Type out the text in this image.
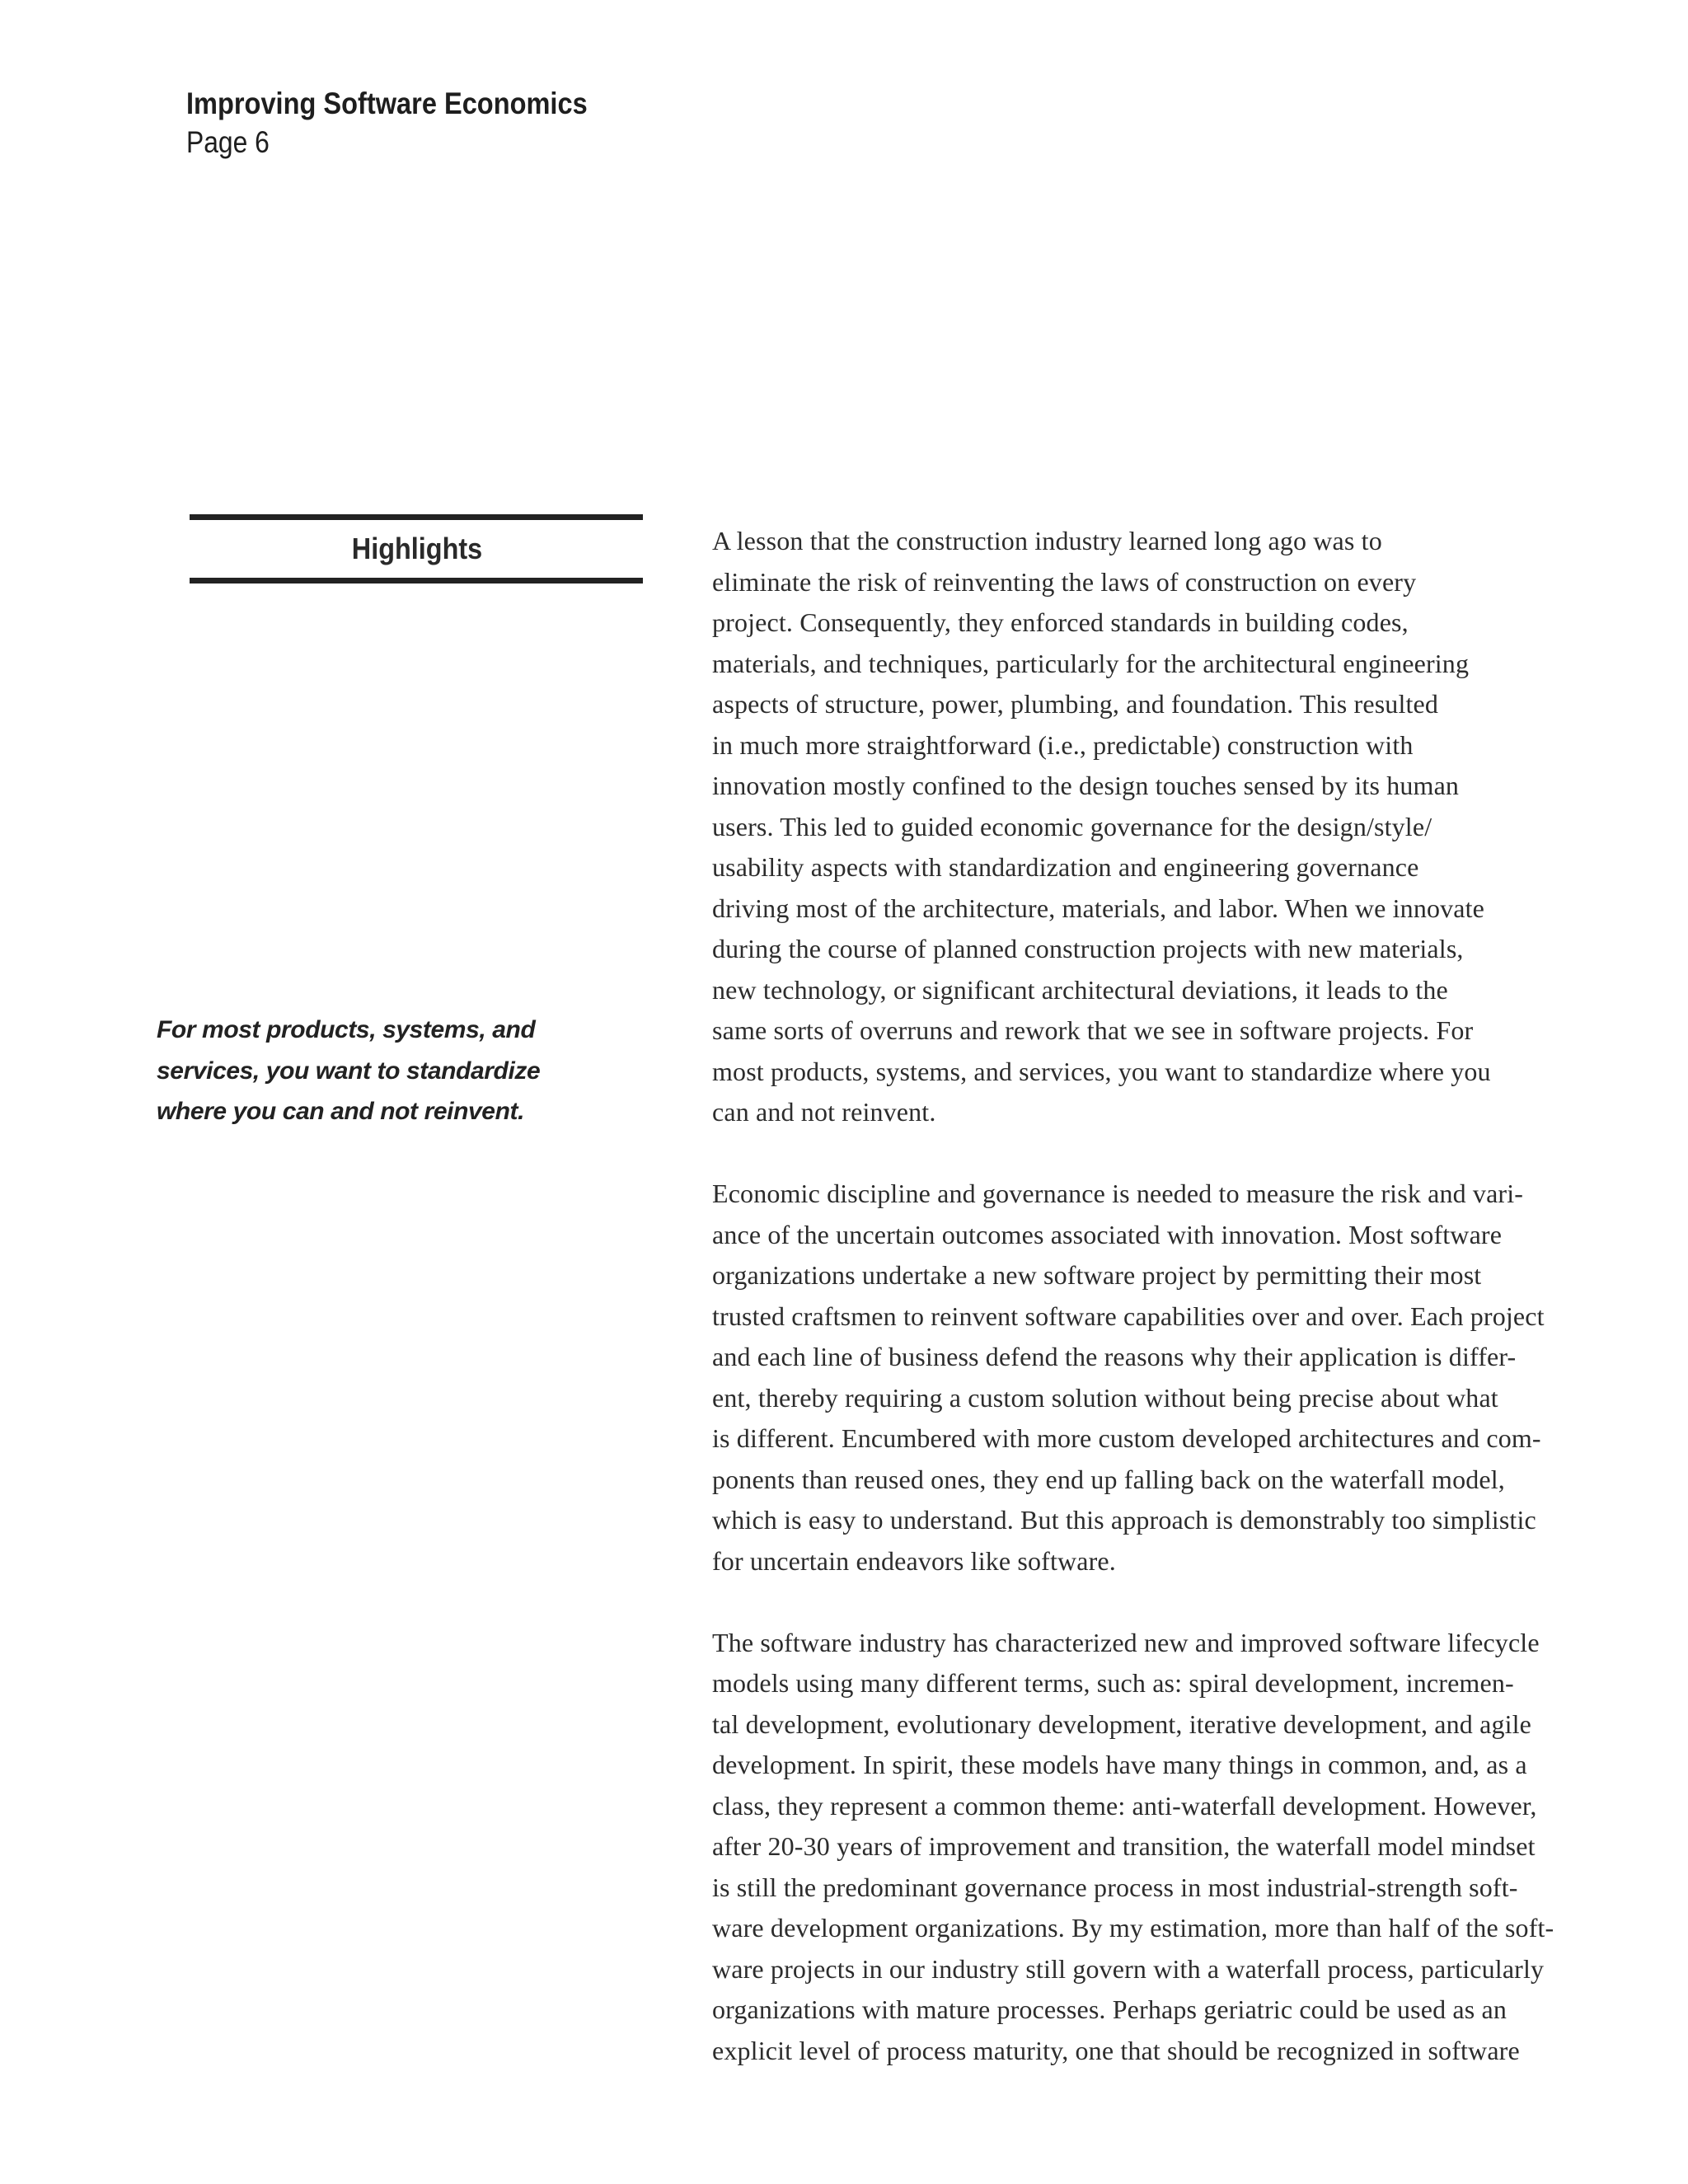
Improving Software Economics
Page 6
Highlights

For most products, systems, and
services, you want to standardize
where you can and not reinvent.

A lesson that the construction industry learned long ago was to
eliminate the risk of reinventing the laws of construction on every
project. Consequently, they enforced standards in building codes,
materials, and techniques, particularly for the architectural engineering
aspects of structure, power, plumbing, and foundation. This resulted
in much more straightforward (i.e., predictable) construction with
innovation mostly confined to the design touches sensed by its human
users. This led to guided economic governance for the design/style/
usability aspects with standardization and engineering governance
driving most of the architecture, materials, and labor. When we innovate
during the course of planned construction projects with new materials,
new technology, or significant architectural deviations, it leads to the
same sorts of overruns and rework that we see in software projects. For
most products, systems, and services, you want to standardize where you
can and not reinvent.

Economic discipline and governance is needed to measure the risk and vari-
ance of the uncertain outcomes associated with innovation. Most software
organizations undertake a new software project by permitting their most
trusted craftsmen to reinvent software capabilities over and over. Each project
and each line of business defend the reasons why their application is differ-
ent, thereby requiring a custom solution without being precise about what
is different. Encumbered with more custom developed architectures and com-
ponents than reused ones, they end up falling back on the waterfall model,
which is easy to understand. But this approach is demonstrably too simplistic
for uncertain endeavors like software.

The software industry has characterized new and improved software lifecycle
models using many different terms, such as: spiral development, incremen-
tal development, evolutionary development, iterative development, and agile
development. In spirit, these models have many things in common, and, as a
class, they represent a common theme: anti-waterfall development. However,
after 20-30 years of improvement and transition, the waterfall model mindset
is still the predominant governance process in most industrial-strength soft-
ware development organizations. By my estimation, more than half of the soft-
ware projects in our industry still govern with a waterfall process, particularly
organizations with mature processes. Perhaps geriatric could be used as an
explicit level of process maturity, one that should be recognized in software
